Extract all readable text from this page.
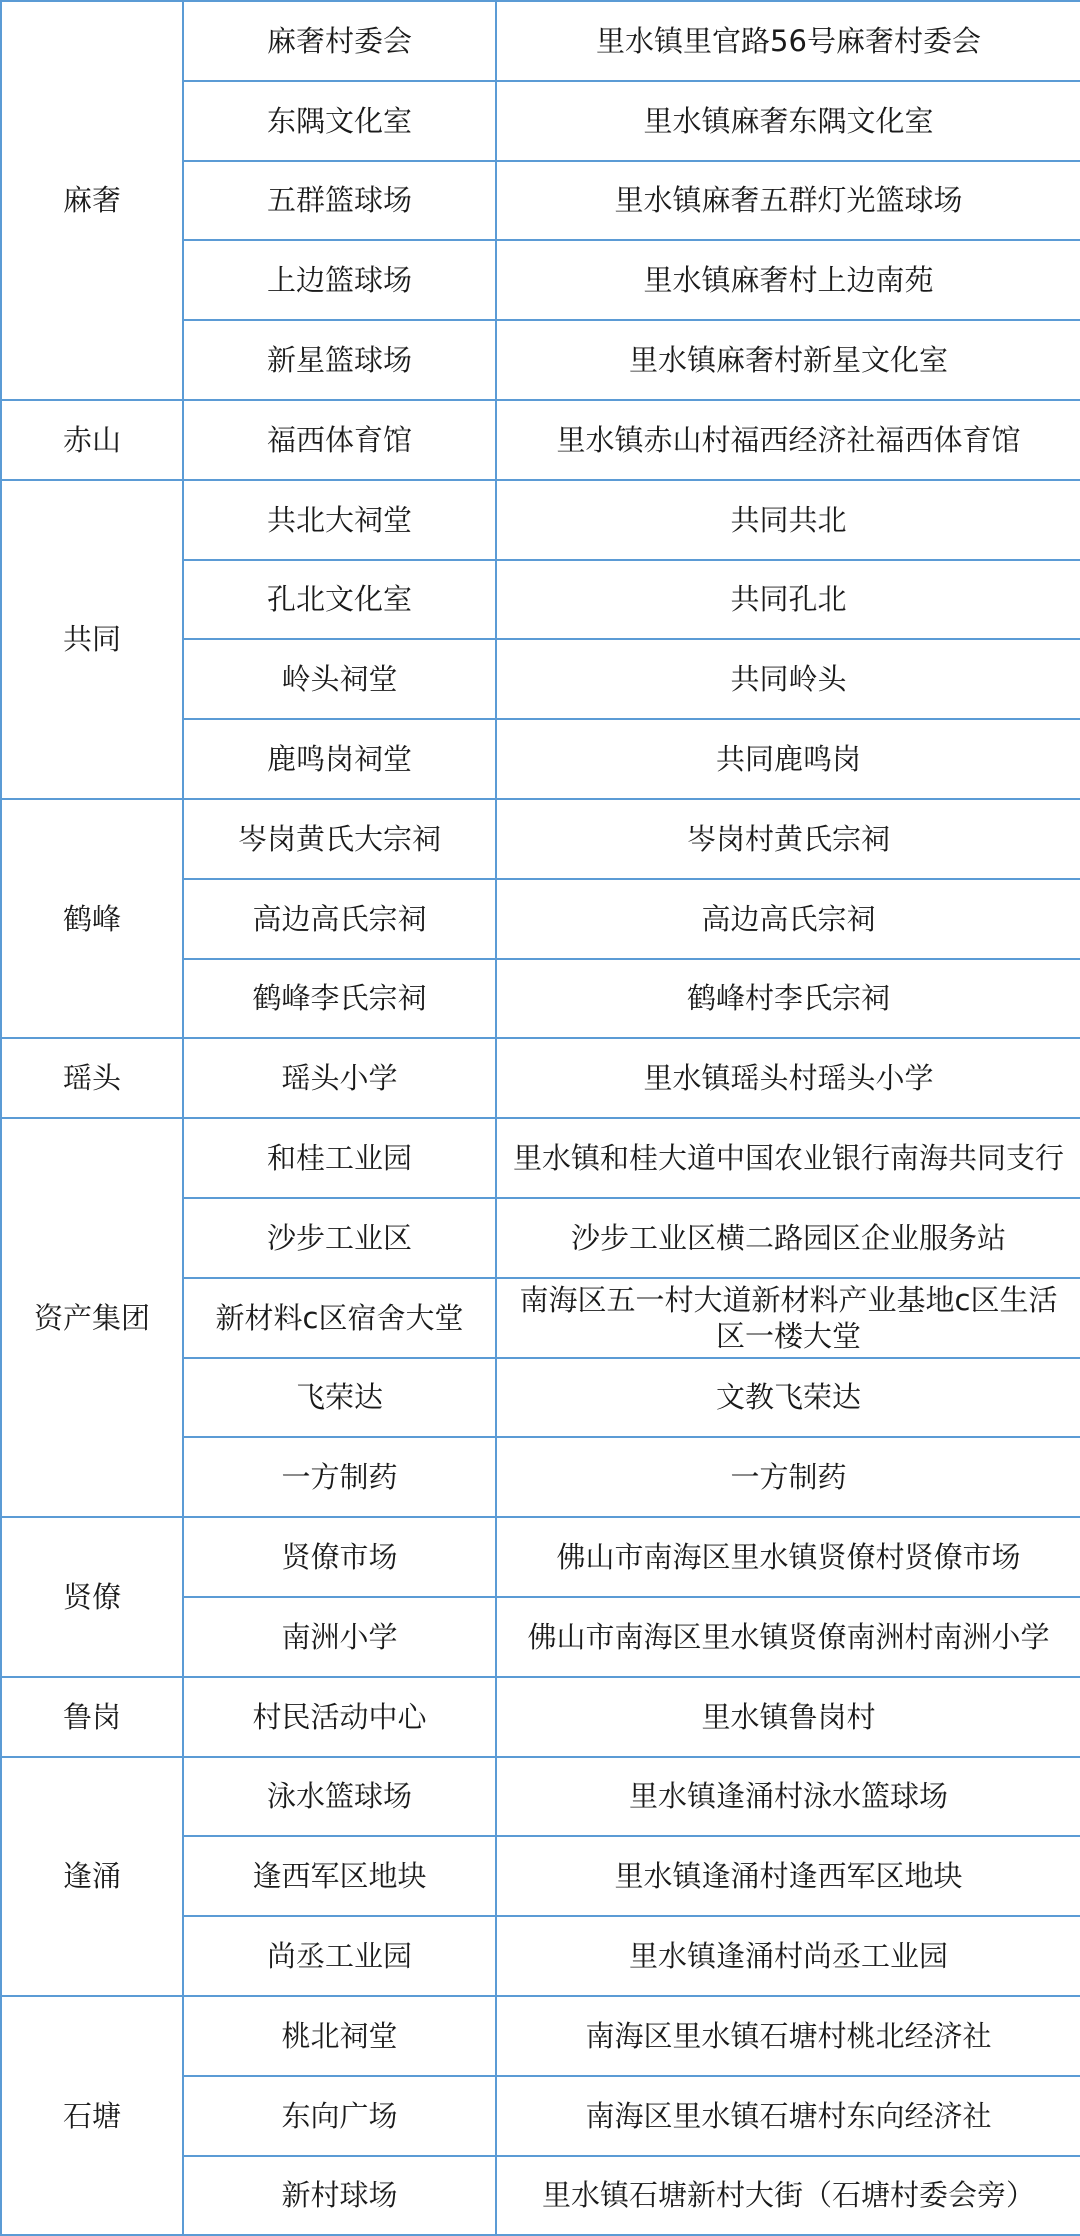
麻奢	麻奢村委会	里水镇里官路56号麻奢村委会
	东隅文化室	里水镇麻奢东隅文化室
	五群篮球场	里水镇麻奢五群灯光篮球场
	上边篮球场	里水镇麻奢村上边南苑
	新星篮球场	里水镇麻奢村新星文化室
赤山	福西体育馆	里水镇赤山村福西经济社福西体育馆
共同	共北大祠堂	共同共北
	孔北文化室	共同孔北
	岭头祠堂	共同岭头
	鹿鸣岗祠堂	共同鹿鸣岗
鹤峰	岑岗黄氏大宗祠	岑岗村黄氏宗祠
	高边高氏宗祠	高边高氏宗祠
	鹤峰李氏宗祠	鹤峰村李氏宗祠
瑶头	瑶头小学	里水镇瑶头村瑶头小学
资产集团	和桂工业园	里水镇和桂大道中国农业银行南海共同支行
	沙步工业区	沙步工业区横二路园区企业服务站
	新材料c区宿舍大堂	南海区五一村大道新材料产业基地c区生活区一楼大堂
	飞荣达	文教飞荣达
	一方制药	一方制药
贤僚	贤僚市场	佛山市南海区里水镇贤僚村贤僚市场
	南洲小学	佛山市南海区里水镇贤僚南洲村南洲小学
鲁岗	村民活动中心	里水镇鲁岗村
逢涌	泳水篮球场	里水镇逢涌村泳水篮球场
	逢西军区地块	里水镇逢涌村逢西军区地块
	尚丞工业园	里水镇逢涌村尚丞工业园
石塘	桃北祠堂	南海区里水镇石塘村桃北经济社
	东向广场	南海区里水镇石塘村东向经济社
	新村球场	里水镇石塘新村大街（石塘村委会旁）
